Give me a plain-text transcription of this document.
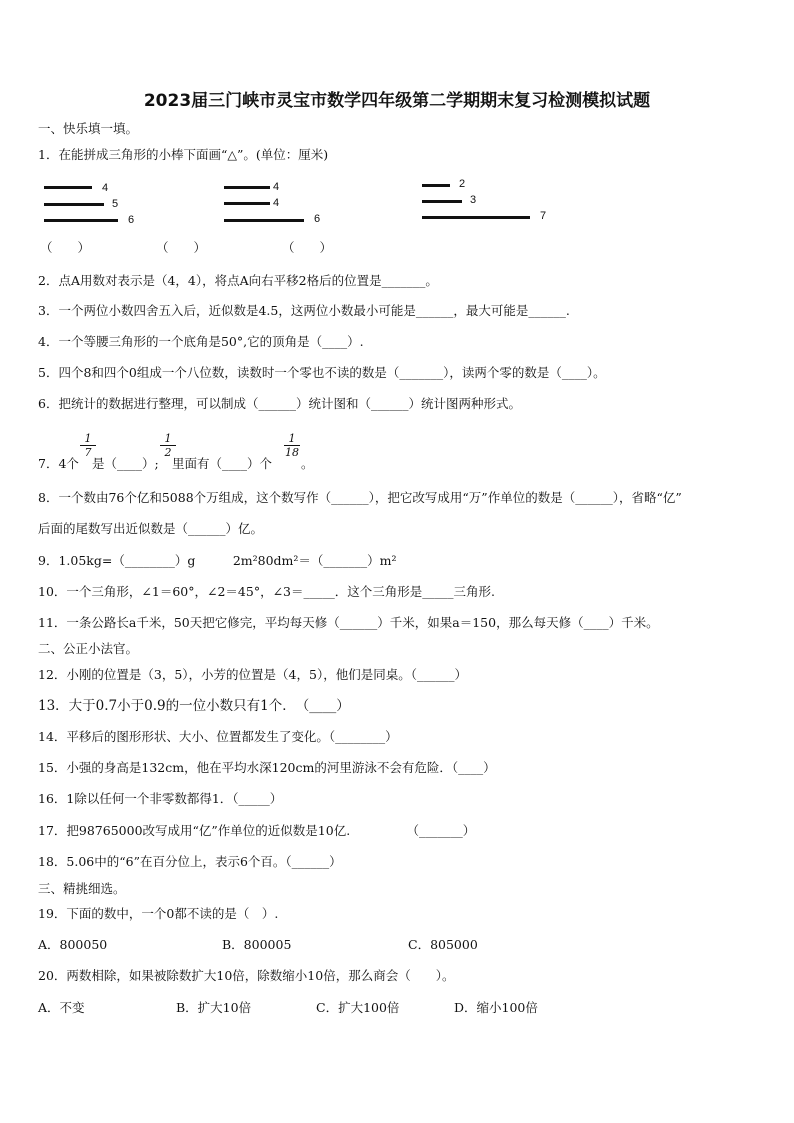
2023届三门峡市灵宝市数学四年级第二学期期末复习检测模拟试题
一、快乐填一填。
1．在能拼成三角形的小棒下面画“△”。(单位：厘米)
4
5
6
（　　）
4
4
6
（　　）
2
3
7
（　　）
2．点A用数对表示是（4，4），将点A向右平移2格后的位置是_______。
3．一个两位小数四舍五入后，近似数是4.5，这两位小数最小可能是______，最大可能是______.
4．一个等腰三角形的一个底角是50°,它的顶角是（____）.
5．四个8和四个0组成一个八位数，读数时一个零也不读的数是（_______），读两个零的数是（____）。
6．把统计的数据进行整理，可以制成（______）统计图和（______）统计图两种形式。
7．4个
$\frac{1}{7}$
是（____）;
$\frac{1}{2}$
里面有（____）个
$\frac{1}{18}$
。
8．一个数由76个亿和5088个万组成，这个数写作（______），把它改写成用“万”作单位的数是（______），省略“亿”
后面的尾数写出近似数是（______）亿。
9．1.05kg=（________）g　　　2m²80dm²＝（_______）m²
10．一个三角形，∠1＝60°，∠2＝45°，∠3＝_____．这个三角形是_____三角形.
11．一条公路长a千米，50天把它修完，平均每天修（______）千米，如果a＝150，那么每天修（____）千米。
二、公正小法官。
12．小刚的位置是（3，5），小芳的位置是（4，5），他们是同桌。（______）
13．大于0.7小于0.9的一位小数只有1个．　（____）
14．平移后的图形形状、大小、位置都发生了变化。（________）
15．小强的身高是132cm，他在平均水深120cm的河里游泳不会有危险．（____）
16．1除以任何一个非零数都得1．（_____）
17．把98765000改写成用“亿”作单位的近似数是10亿.　　　　　（_______）
18．5.06中的“6”在百分位上，表示6个百。（______）
三、精挑细选。
19．下面的数中，一个0都不读的是（　）.
A．800050	B．800005	C．805000
20．两数相除，如果被除数扩大10倍，除数缩小10倍，那么商会（　　）。
A．不变	B．扩大10倍	C．扩大100倍	D．缩小100倍
